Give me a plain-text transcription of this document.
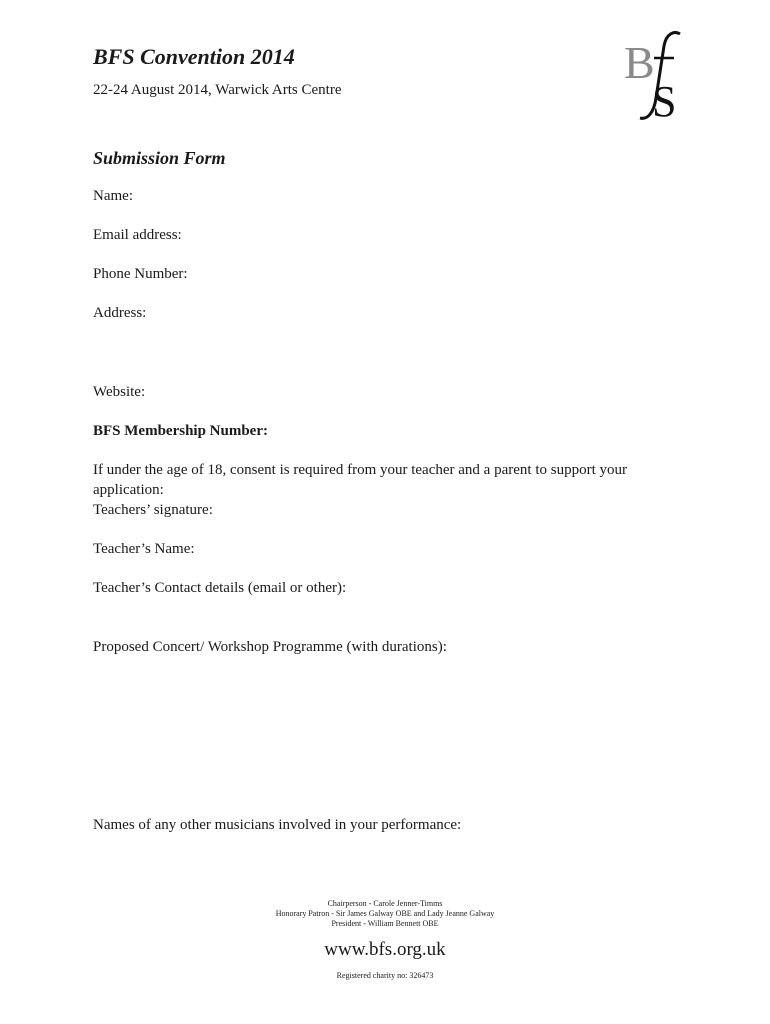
BFS Convention 2014
22-24 August 2014, Warwick Arts Centre
B
S
Submission Form
Name:
Email address:
Phone Number:
Address:
Website:
BFS Membership Number:
If under the age of 18, consent is required from your teacher and a parent to support your application:
Teachers’ signature:
Teacher’s Name:
Teacher’s Contact details (email or other):
Proposed Concert/ Workshop Programme (with durations):
Names of any other musicians involved in your performance:
Chairperson - Carole Jenner-Timms
Honorary Patron - Sir James Galway OBE and Lady Jeanne Galway
President - William Bennett OBE
www.bfs.org.uk
Registered charity no: 326473
